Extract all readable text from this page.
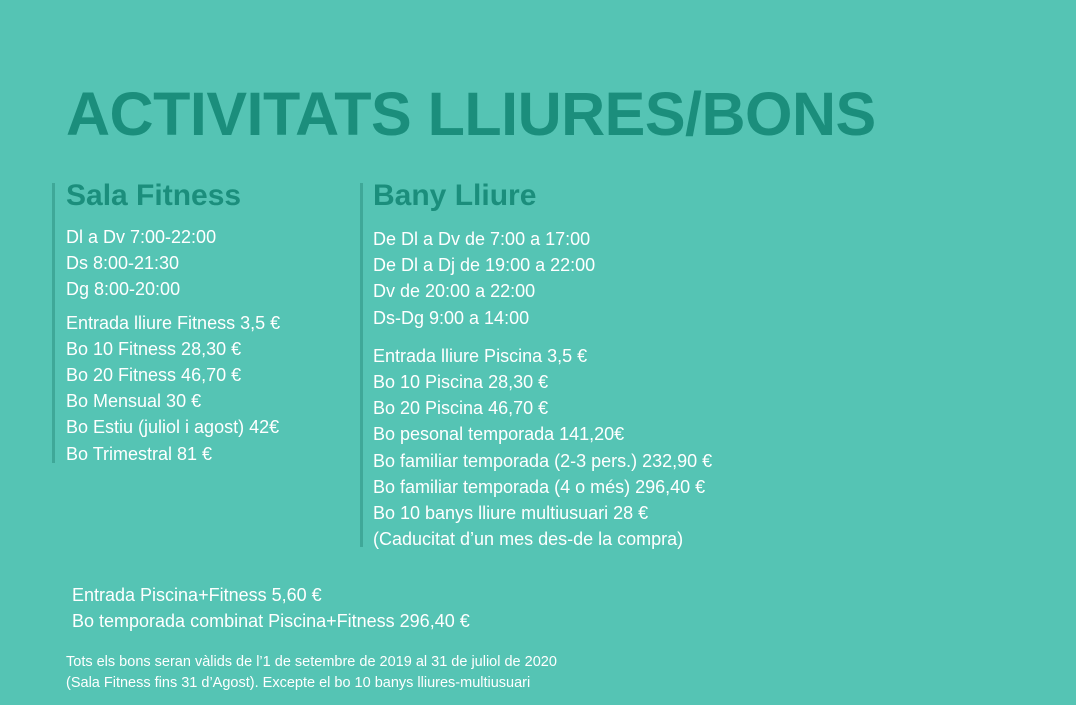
ACTIVITATS LLIURES/BONS
Sala Fitness
Dl a Dv 7:00-22:00
Ds 8:00-21:30
Dg 8:00-20:00
Entrada lliure Fitness 3,5 €
Bo 10 Fitness 28,30 €
Bo 20 Fitness 46,70 €
Bo Mensual 30 €
Bo Estiu (juliol i agost) 42€
Bo Trimestral 81 €
Bany Lliure
De Dl a Dv de 7:00 a 17:00
De Dl a Dj de 19:00 a 22:00
Dv de 20:00 a 22:00
Ds-Dg 9:00 a 14:00
Entrada lliure Piscina 3,5 €
Bo 10 Piscina 28,30 €
Bo 20 Piscina 46,70 €
Bo pesonal temporada 141,20€
Bo familiar temporada (2-3 pers.) 232,90 €
Bo familiar temporada (4 o més) 296,40 €
Bo 10 banys lliure multiusuari 28 €
(Caducitat d’un mes des-de la compra)
Entrada Piscina+Fitness 5,60 €
Bo temporada combinat Piscina+Fitness 296,40 €
Tots els bons seran vàlids de l’1 de setembre de 2019 al 31 de juliol de 2020
(Sala Fitness fins 31 d’Agost). Excepte el bo 10 banys lliures-multiusuari
